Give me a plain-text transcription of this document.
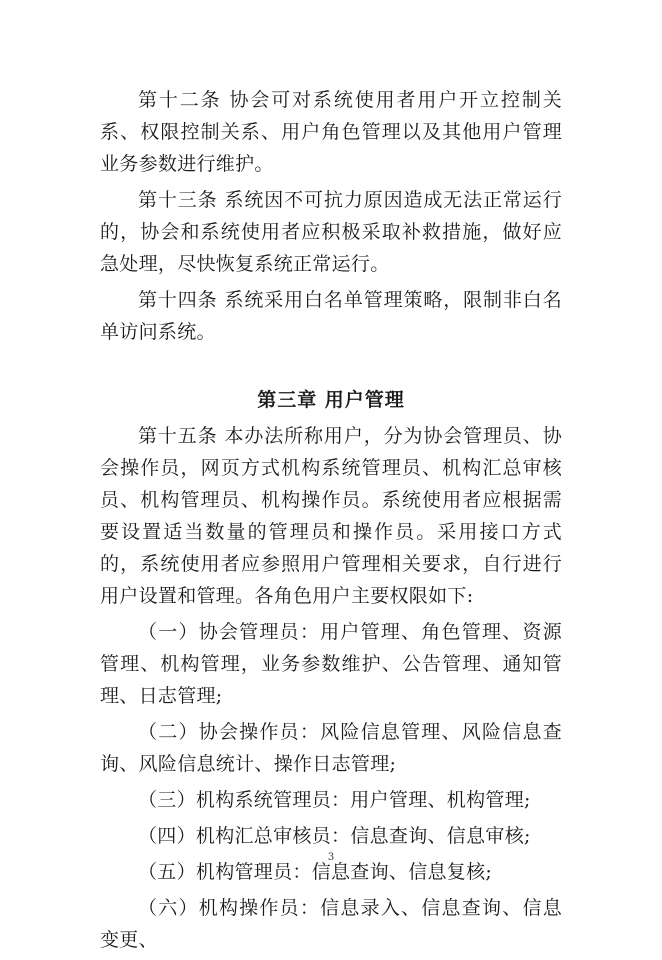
第十二条 协会可对系统使用者用户开立控制关系、权限控制关系、用户角色管理以及其他用户管理业务参数进行维护。

第十三条 系统因不可抗力原因造成无法正常运行的，协会和系统使用者应积极采取补救措施，做好应急处理，尽快恢复系统正常运行。

第十四条 系统采用白名单管理策略，限制非白名单访问系统。

第三章 用户管理

第十五条 本办法所称用户，分为协会管理员、协会操作员，网页方式机构系统管理员、机构汇总审核员、机构管理员、机构操作员。系统使用者应根据需要设置适当数量的管理员和操作员。采用接口方式的，系统使用者应参照用户管理相关要求，自行进行用户设置和管理。各角色用户主要权限如下:

（一）协会管理员：用户管理、角色管理、资源管理、机构管理，业务参数维护、公告管理、通知管理、日志管理;

（二）协会操作员：风险信息管理、风险信息查询、风险信息统计、操作日志管理;

（三）机构系统管理员：用户管理、机构管理;

（四）机构汇总审核员：信息查询、信息审核;

（五）机构管理员：信息查询、信息复核;

（六）机构操作员：信息录入、信息查询、信息变更、

3
